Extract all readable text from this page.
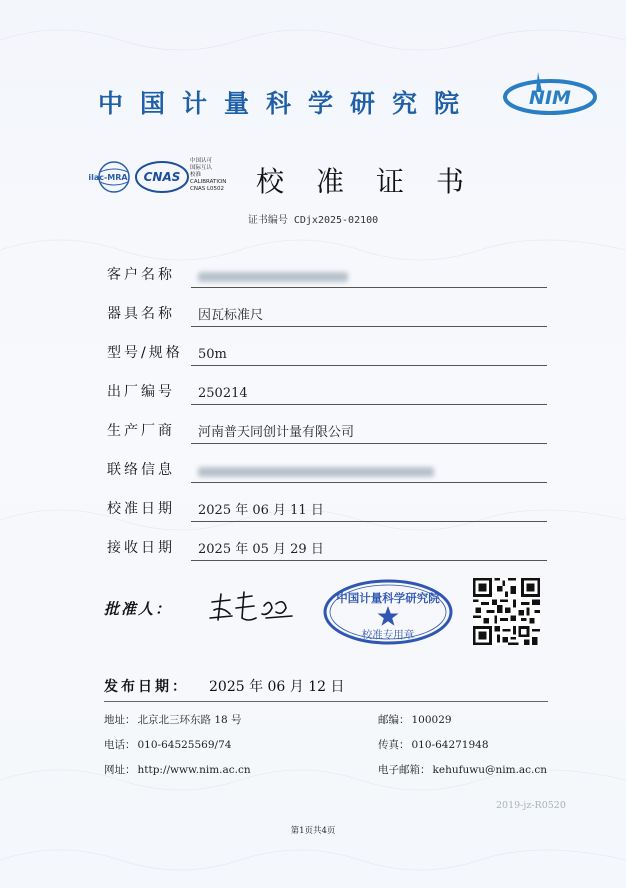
中国计量科学研究院	NIM
ilac-MRA CNAS
中国认可
国际互认
校准
CALIBRATION
CNAS L0502	校准证书
证书编号 CDjx2025-02100
客户名称
器具名称 因瓦标准尺
型号/规格 50m
出厂编号 250214
生产厂商 河南普天同创计量有限公司
联络信息
校准日期 2025 年 06 月 11 日
接收日期 2025 年 05 月 29 日
批准人：
中国计量科学研究院
校准专用章
发布日期： 2025 年 06 月 12 日
地址： 北京北三环东路 18 号	邮编： 100029
电话： 010-64525569/74	传真： 010-64271948
网址： http://www.nim.ac.cn	电子邮箱： kehufuwu@nim.ac.cn
2019-jz-R0520
第1页共4页
